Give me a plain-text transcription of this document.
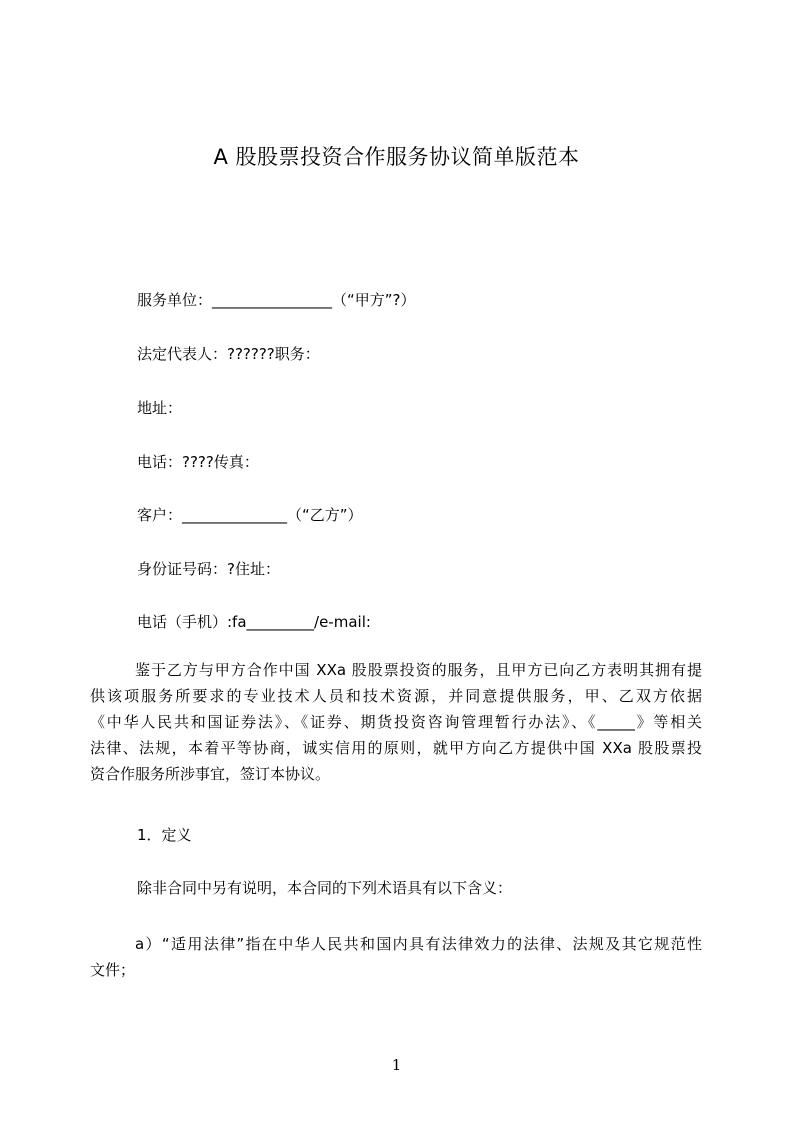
A 股股票投资合作服务协议简单版范本

服务单位：________________（“甲方”?）

法定代表人：??????职务：

地址：

电话：????传真：

客户：______________（“乙方”）

身份证号码：?住址：

电话（手机）:fa_________/e-mail:

鉴于乙方与甲方合作中国 XXa 股股票投资的服务，且甲方已向乙方表明其拥有提
供该项服务所要求的专业技术人员和技术资源，并同意提供服务，甲、乙双方依据
《中华人民共和国证券法》、《证券、期货投资咨询管理暂行办法》、《_____》等相关
法律、法规，本着平等协商，诚实信用的原则，就甲方向乙方提供中国 XXa 股股票投
资合作服务所涉事宜，签订本协议。

1．定义

除非合同中另有说明，本合同的下列术语具有以下含义：

a）“适用法律”指在中华人民共和国内具有法律效力的法律、法规及其它规范性
文件；

1
